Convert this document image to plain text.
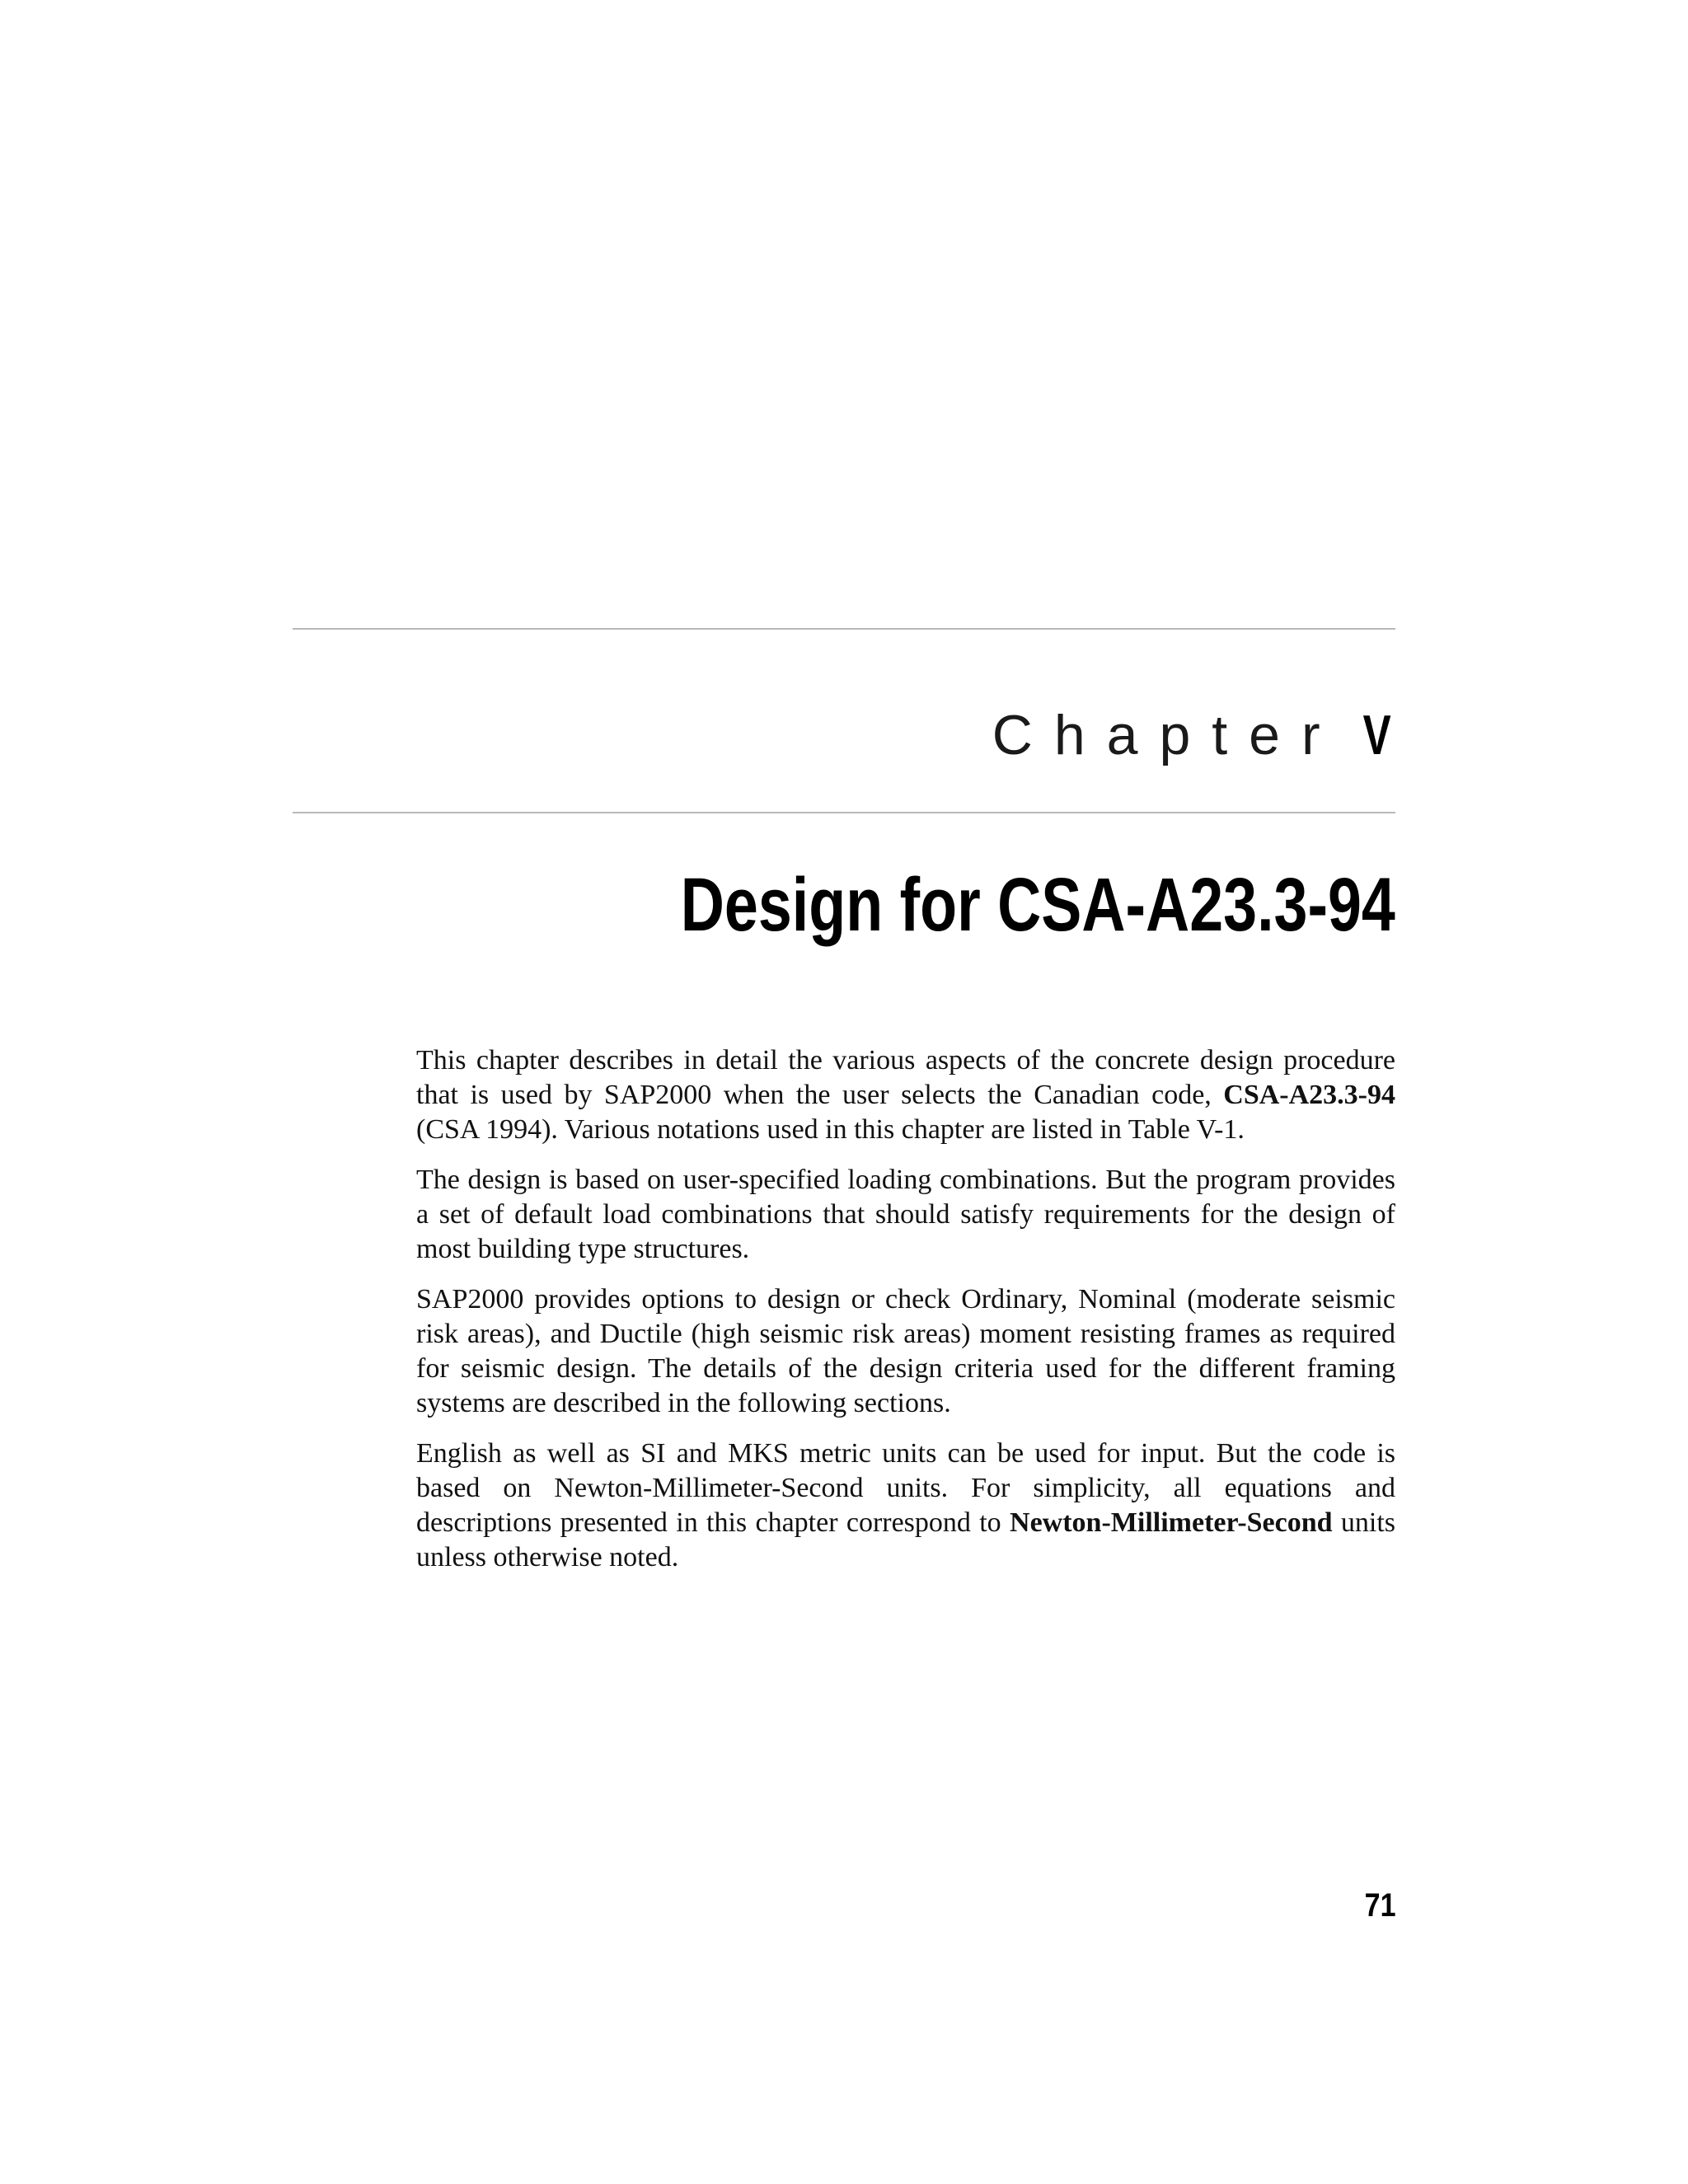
Chapter V
Design for CSA-A23.3-94

This chapter describes in detail the various aspects of the concrete design procedure that is used by SAP2000 when the user selects the Canadian code, CSA-A23.3-94 (CSA 1994). Various notations used in this chapter are listed in Table V-1.

The design is based on user-specified loading combinations. But the program provides a set of default load combinations that should satisfy requirements for the design of most building type structures.

SAP2000 provides options to design or check Ordinary, Nominal (moderate seismic risk areas), and Ductile (high seismic risk areas) moment resisting frames as required for seismic design. The details of the design criteria used for the different framing systems are described in the following sections.

English as well as SI and MKS metric units can be used for input. But the code is based on Newton-Millimeter-Second units. For simplicity, all equations and descriptions presented in this chapter correspond to Newton-Millimeter-Second units unless otherwise noted.

71
